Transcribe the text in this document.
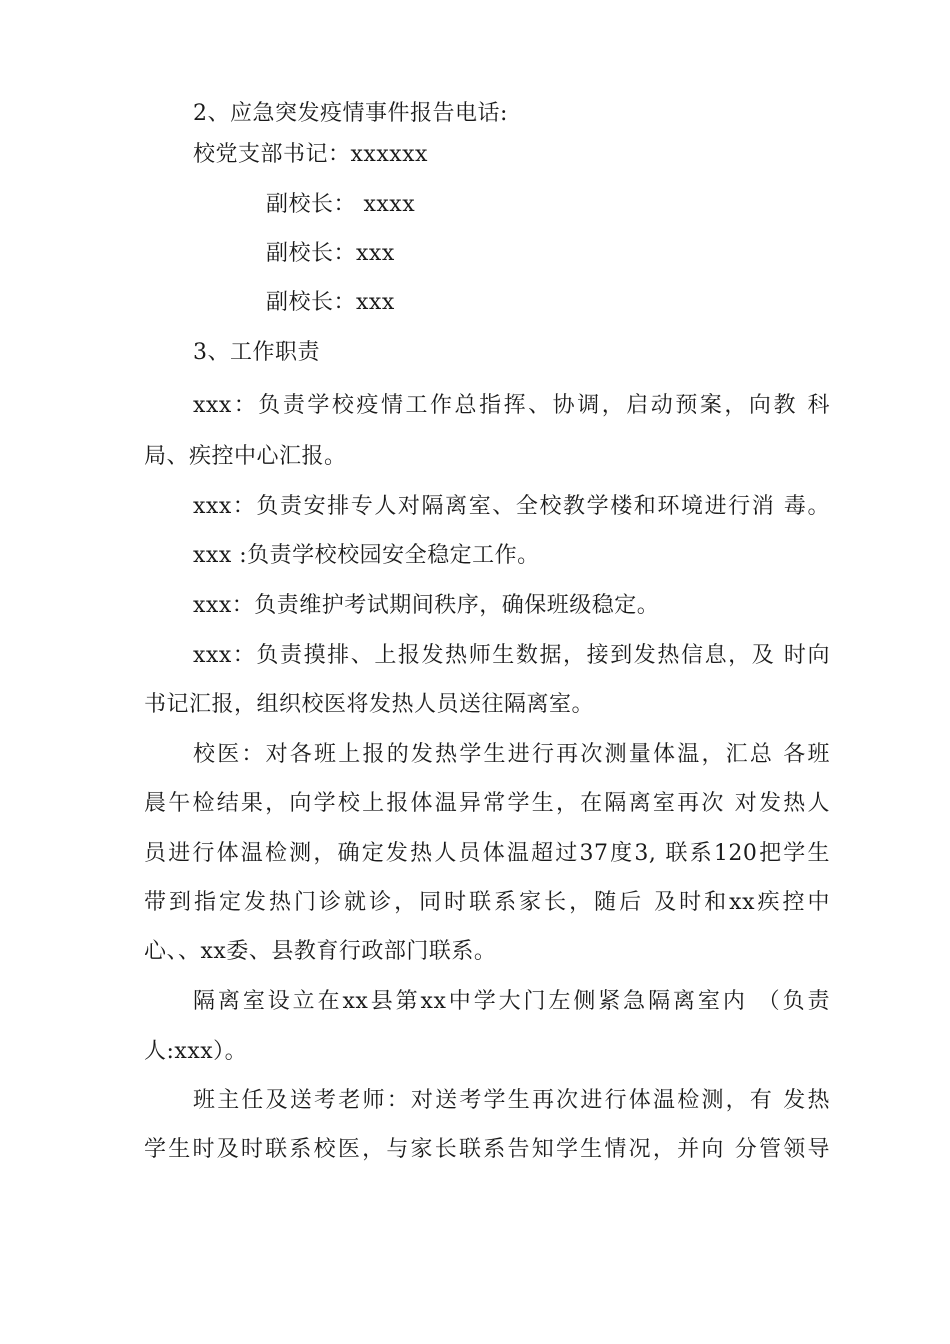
2、应急突发疫情事件报告电话:
校党支部书记：xxxxxx
副校长： xxxx
副校长：xxx
副校长：xxx
3、工作职责
xxx：负责学校疫情工作总指挥、协调，启动预案，向教 科
局、疾控中心汇报。
xxx：负责安排专人对隔离室、全校教学楼和环境进行消 毒。
xxx :负责学校校园安全稳定工作。
xxx：负责维护考试期间秩序，确保班级稳定。
xxx：负责摸排、上报发热师生数据，接到发热信息，及 时向
书记汇报，组织校医将发热人员送往隔离室。
校医：对各班上报的发热学生进行再次测量体温，汇总 各班
晨午检结果，向学校上报体温异常学生，在隔离室再次 对发热人
员进行体温检测，确定发热人员体温超过37度3, 联系120把学生
带到指定发热门诊就诊，同时联系家长，随后 及时和xx疾控中
心、、xx委、县教育行政部门联系。
隔离室设立在xx县第xx中学大门左侧紧急隔离室内 （负责
人:xxx）。
班主任及送考老师：对送考学生再次进行体温检测，有 发热
学生时及时联系校医，与家长联系告知学生情况，并向 分管领导
